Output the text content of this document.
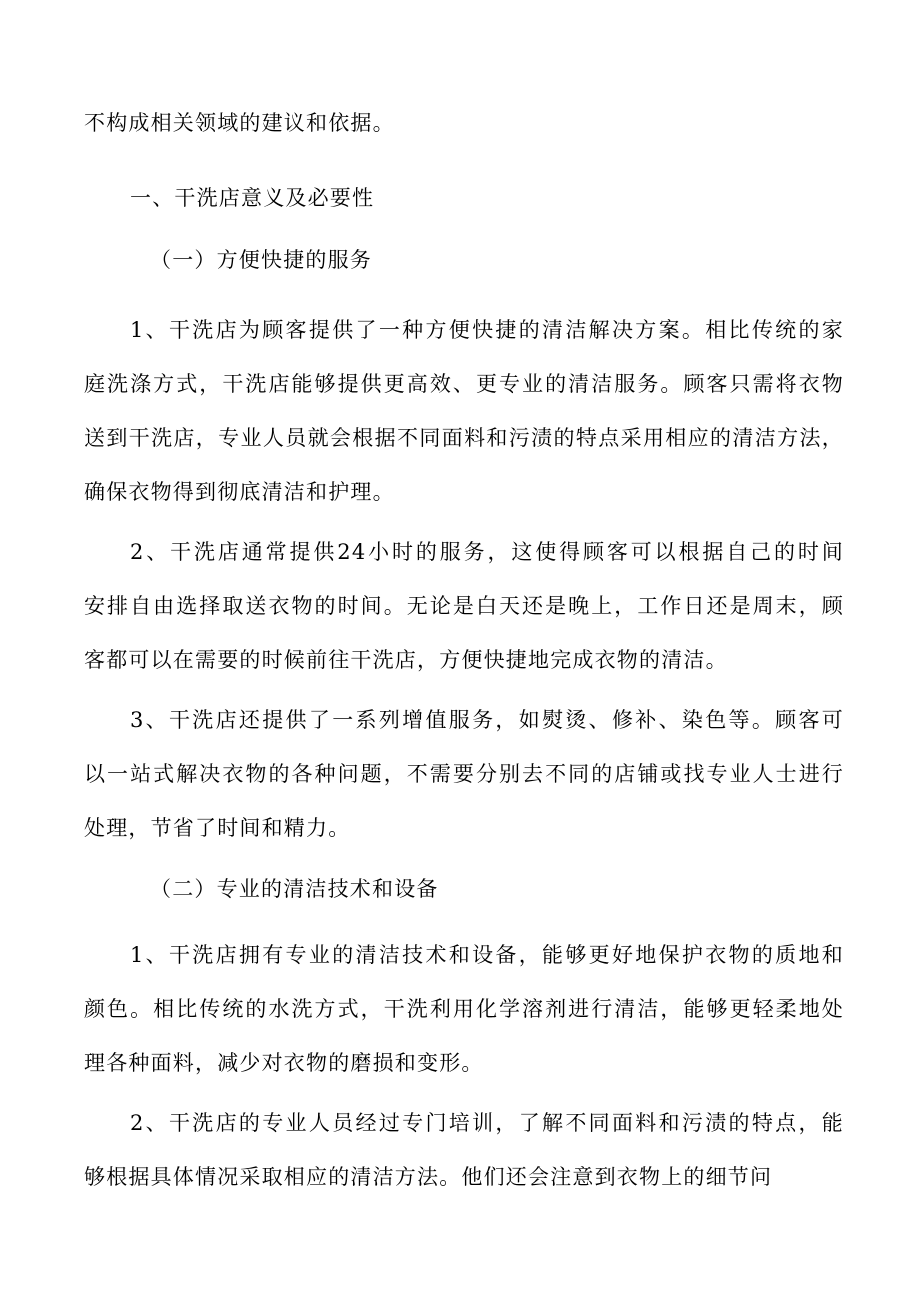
不构成相关领域的建议和依据。
一、干洗店意义及必要性
（一）方便快捷的服务
1、干洗店为顾客提供了一种方便快捷的清洁解决方案。相比传统的家
庭洗涤方式，干洗店能够提供更高效、更专业的清洁服务。顾客只需将衣物
送到干洗店，专业人员就会根据不同面料和污渍的特点采用相应的清洁方法，
确保衣物得到彻底清洁和护理。
2、干洗店通常提供24小时的服务，这使得顾客可以根据自己的时间
安排自由选择取送衣物的时间。无论是白天还是晚上，工作日还是周末，顾
客都可以在需要的时候前往干洗店，方便快捷地完成衣物的清洁。
3、干洗店还提供了一系列增值服务，如熨烫、修补、染色等。顾客可
以一站式解决衣物的各种问题，不需要分别去不同的店铺或找专业人士进行
处理，节省了时间和精力。
（二）专业的清洁技术和设备
1、干洗店拥有专业的清洁技术和设备，能够更好地保护衣物的质地和
颜色。相比传统的水洗方式，干洗利用化学溶剂进行清洁，能够更轻柔地处
理各种面料，减少对衣物的磨损和变形。
2、干洗店的专业人员经过专门培训，了解不同面料和污渍的特点，能
够根据具体情况采取相应的清洁方法。他们还会注意到衣物上的细节问
